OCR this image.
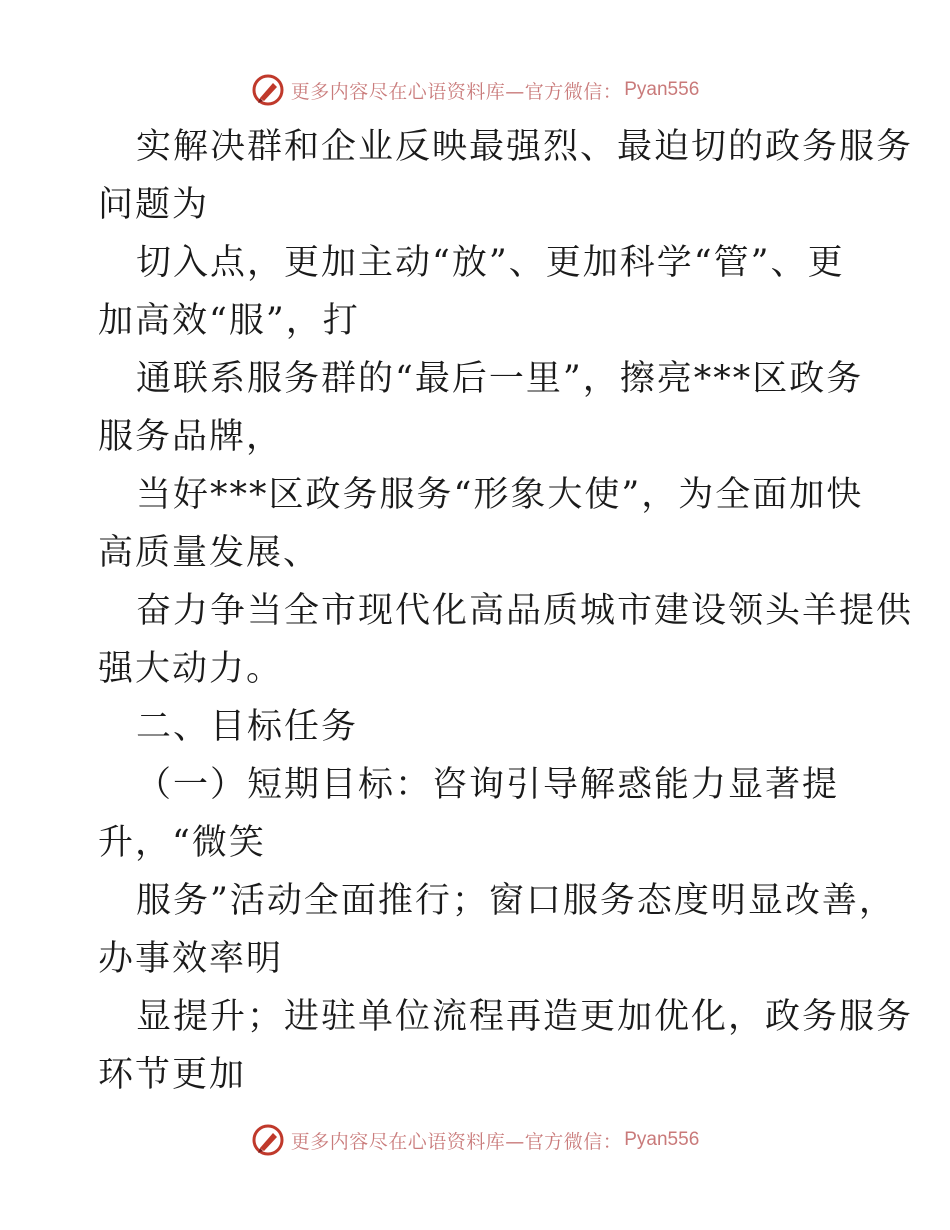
更多内容尽在心语资料库—官方微信： Pyan556
实解决群和企业反映最强烈、最迫切的政务服务
问题为
切入点，更加主动“放”、更加科学“管”、更
加高效“服”，打
通联系服务群的“最后一里”，擦亮***区政务
服务品牌，
当好***区政务服务“形象大使”，为全面加快
高质量发展、
奋力争当全市现代化高品质城市建设领头羊提供
强大动力。
二、目标任务
（一）短期目标：咨询引导解惑能力显著提
升，“微笑
服务”活动全面推行；窗口服务态度明显改善，
办事效率明
显提升；进驻单位流程再造更加优化，政务服务
环节更加
更多内容尽在心语资料库—官方微信： Pyan556
